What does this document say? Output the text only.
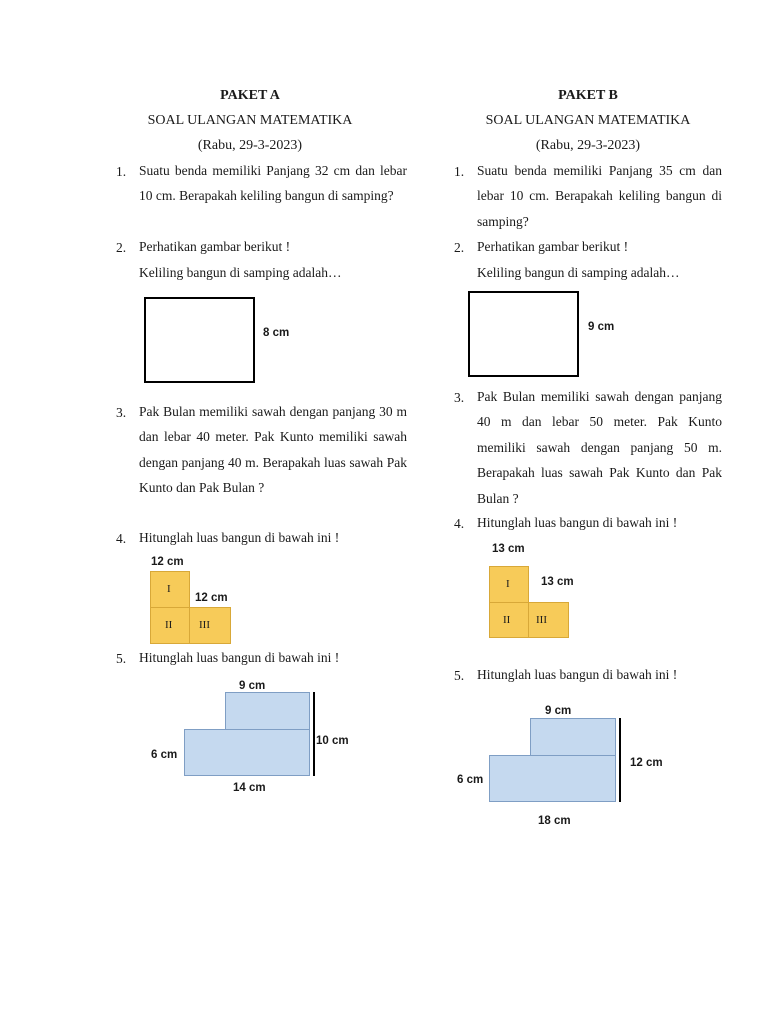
PAKET A
SOAL ULANGAN MATEMATIKA
(Rabu, 29-3-2023)
1. Suatu benda memiliki Panjang 32 cm dan lebar 10 cm. Berapakah keliling bangun di samping?
2. Perhatikan gambar berikut !
Keliling bangun di samping adalah…
8 cm
3. Pak Bulan memiliki sawah dengan panjang 30 m dan lebar 40 meter. Pak Kunto memiliki sawah dengan panjang 40 m. Berapakah luas sawah Pak Kunto dan Pak Bulan ?
4. Hitunglah luas bangun di bawah ini !
12 cm
I
II III
12 cm
5. Hitunglah luas bangun di bawah ini !
9 cm
10 cm
6 cm
14 cm
PAKET B
SOAL ULANGAN MATEMATIKA
(Rabu, 29-3-2023)
1. Suatu benda memiliki Panjang 35 cm dan lebar 10 cm. Berapakah keliling bangun di samping?
2. Perhatikan gambar berikut !
Keliling bangun di samping adalah…
9 cm
3. Pak Bulan memiliki sawah dengan panjang 40 m dan lebar 50 meter. Pak Kunto memiliki sawah dengan panjang 50 m. Berapakah luas sawah Pak Kunto dan Pak Bulan ?
4. Hitunglah luas bangun di bawah ini !
13 cm
I
II III
13 cm
5. Hitunglah luas bangun di bawah ini !
9 cm
12 cm
6 cm
18 cm
